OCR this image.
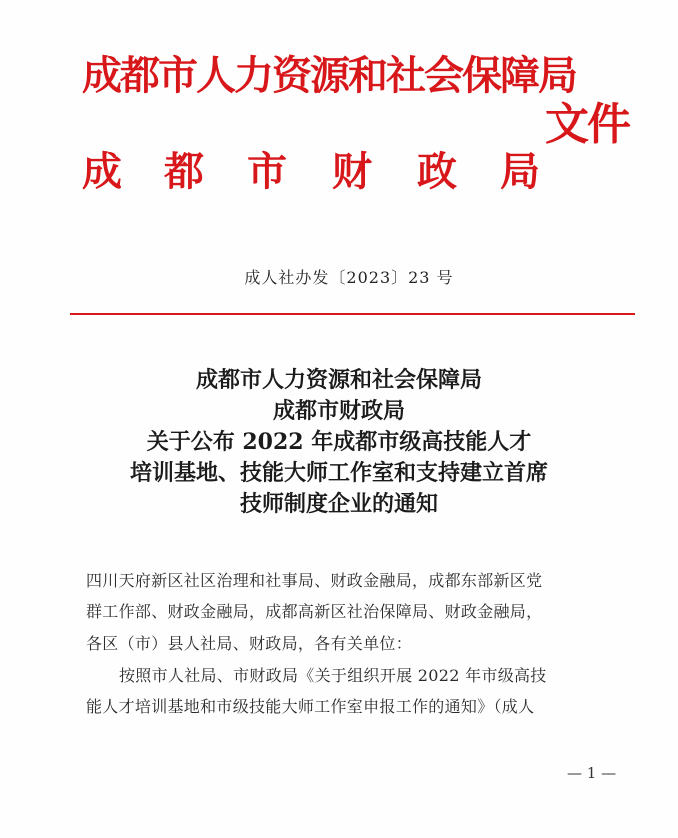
成都市人力资源和社会保障局
成 都 市 财 政 局
文件
成人社办发〔2023〕23 号
成都市人力资源和社会保障局
成都市财政局
关于公布 2022 年成都市级高技能人才
培训基地、技能大师工作室和支持建立首席
技师制度企业的通知
四川天府新区社区治理和社事局、财政金融局，成都东部新区党
群工作部、财政金融局，成都高新区社治保障局、财政金融局，
各区（市）县人社局、财政局，各有关单位：
按照市人社局、市财政局《关于组织开展 2022 年市级高技
能人才培训基地和市级技能大师工作室申报工作的通知》（成人
— 1 —
